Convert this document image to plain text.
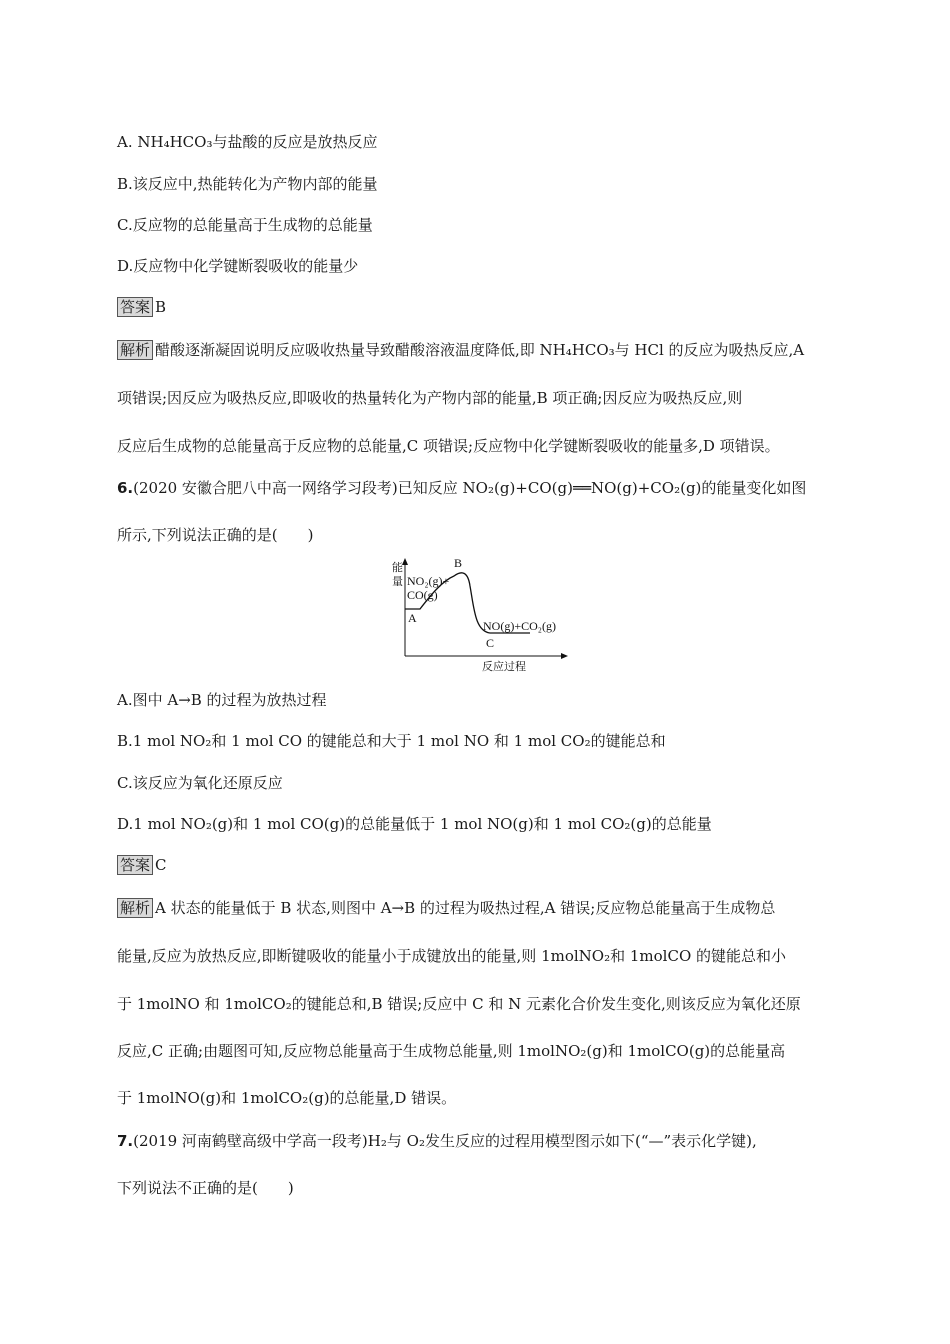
A. NH₄HCO₃与盐酸的反应是放热反应
B.该反应中,热能转化为产物内部的能量
C.反应物的总能量高于生成物的总能量
D.反应物中化学键断裂吸收的能量少
答案 B
解析 醋酸逐渐凝固说明反应吸收热量导致醋酸溶液温度降低,即 NH₄HCO₃与 HCl 的反应为吸热反应,A
项错误;因反应为吸热反应,即吸收的热量转化为产物内部的能量,B 项正确;因反应为吸热反应,则
反应后生成物的总能量高于反应物的总能量,C 项错误;反应物中化学键断裂吸收的能量多,D 项错误。
6.(2020 安徽合肥八中高一网络学习段考)已知反应 NO₂(g)+CO(g)══NO(g)+CO₂(g)的能量变化如图
所示,下列说法正确的是(　　)
能
量 NO₂(g)+
CO(g)
A
B
NO(g)+CO₂(g)
C
反应过程
A.图中 A→B 的过程为放热过程
B.1 mol NO₂和 1 mol CO 的键能总和大于 1 mol NO 和 1 mol CO₂的键能总和
C.该反应为氧化还原反应
D.1 mol NO₂(g)和 1 mol CO(g)的总能量低于 1 mol NO(g)和 1 mol CO₂(g)的总能量
答案 C
解析 A 状态的能量低于 B 状态,则图中 A→B 的过程为吸热过程,A 错误;反应物总能量高于生成物总
能量,反应为放热反应,即断键吸收的能量小于成键放出的能量,则 1molNO₂和 1molCO 的键能总和小
于 1molNO 和 1molCO₂的键能总和,B 错误;反应中 C 和 N 元素化合价发生变化,则该反应为氧化还原
反应,C 正确;由题图可知,反应物总能量高于生成物总能量,则 1molNO₂(g)和 1molCO(g)的总能量高
于 1molNO(g)和 1molCO₂(g)的总能量,D 错误。
7.(2019 河南鹤壁高级中学高一段考)H₂与 O₂发生反应的过程用模型图示如下(“—”表示化学键),
下列说法不正确的是(　　)
